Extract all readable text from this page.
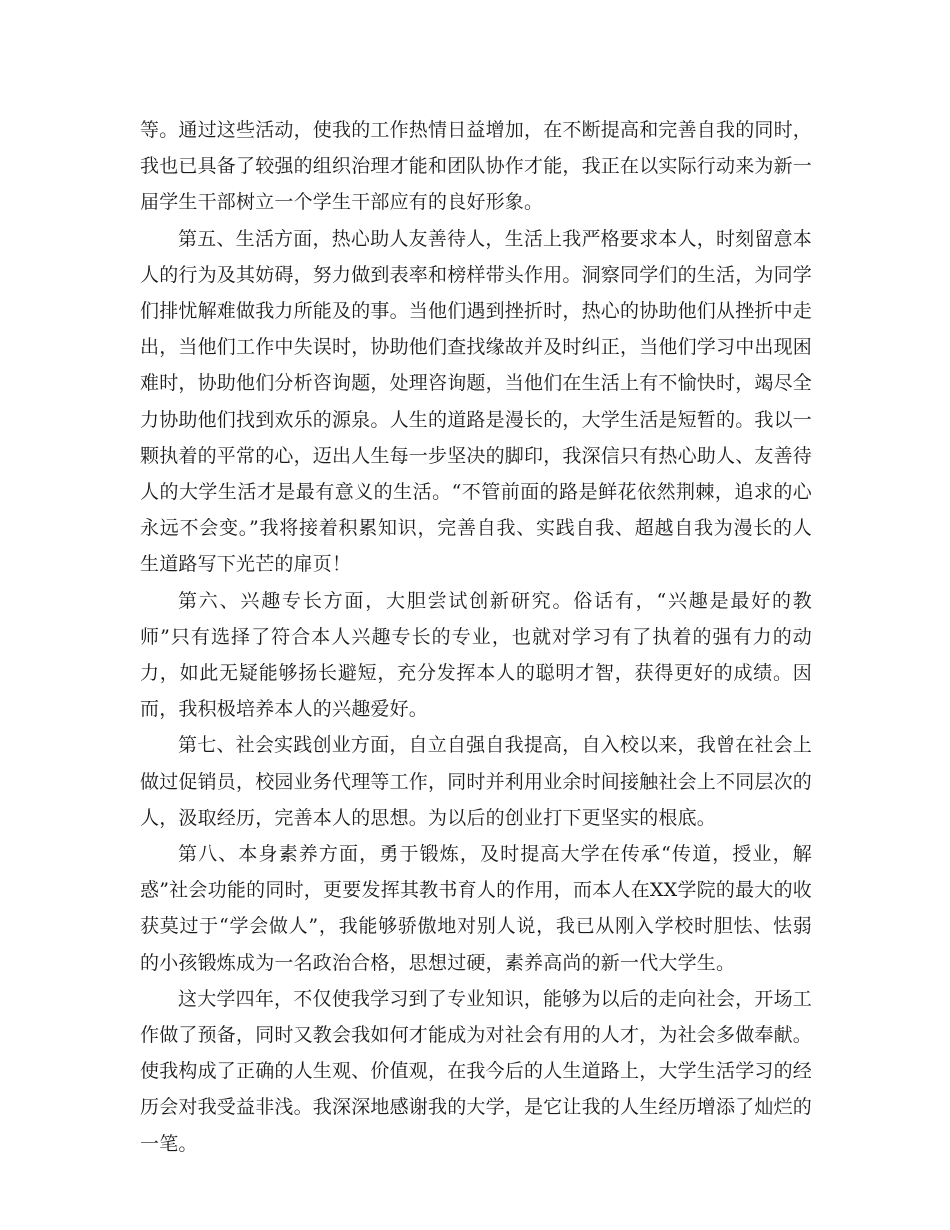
等。通过这些活动，使我的工作热情日益增加，在不断提高和完善自我的同时，我也已具备了较强的组织治理才能和团队协作才能，我正在以实际行动来为新一届学生干部树立一个学生干部应有的良好形象。

第五、生活方面，热心助人友善待人，生活上我严格要求本人，时刻留意本人的行为及其妨碍，努力做到表率和榜样带头作用。洞察同学们的生活，为同学们排忧解难做我力所能及的事。当他们遇到挫折时，热心的协助他们从挫折中走出，当他们工作中失误时，协助他们查找缘故并及时纠正，当他们学习中出现困难时，协助他们分析咨询题，处理咨询题，当他们在生活上有不愉快时，竭尽全力协助他们找到欢乐的源泉。人生的道路是漫长的，大学生活是短暂的。我以一颗执着的平常的心，迈出人生每一步坚决的脚印，我深信只有热心助人、友善待人的大学生活才是最有意义的生活。“不管前面的路是鲜花依然荆棘，追求的心永远不会变。”我将接着积累知识，完善自我、实践自我、超越自我为漫长的人生道路写下光芒的扉页！

第六、兴趣专长方面，大胆尝试创新研究。俗话有，“兴趣是最好的教师”只有选择了符合本人兴趣专长的专业，也就对学习有了执着的强有力的动力，如此无疑能够扬长避短，充分发挥本人的聪明才智，获得更好的成绩。因而，我积极培养本人的兴趣爱好。

第七、社会实践创业方面，自立自强自我提高，自入校以来，我曾在社会上做过促销员，校园业务代理等工作，同时并利用业余时间接触社会上不同层次的人，汲取经历，完善本人的思想。为以后的创业打下更坚实的根底。

第八、本身素养方面，勇于锻炼，及时提高大学在传承“传道，授业，解惑”社会功能的同时，更要发挥其教书育人的作用，而本人在XX学院的最大的收获莫过于“学会做人”，我能够骄傲地对别人说，我已从刚入学校时胆怯、怯弱的小孩锻炼成为一名政治合格，思想过硬，素养高尚的新一代大学生。

这大学四年，不仅使我学习到了专业知识，能够为以后的走向社会，开场工作做了预备，同时又教会我如何才能成为对社会有用的人才，为社会多做奉献。使我构成了正确的人生观、价值观，在我今后的人生道路上，大学生活学习的经历会对我受益非浅。我深深地感谢我的大学，是它让我的人生经历增添了灿烂的一笔。
